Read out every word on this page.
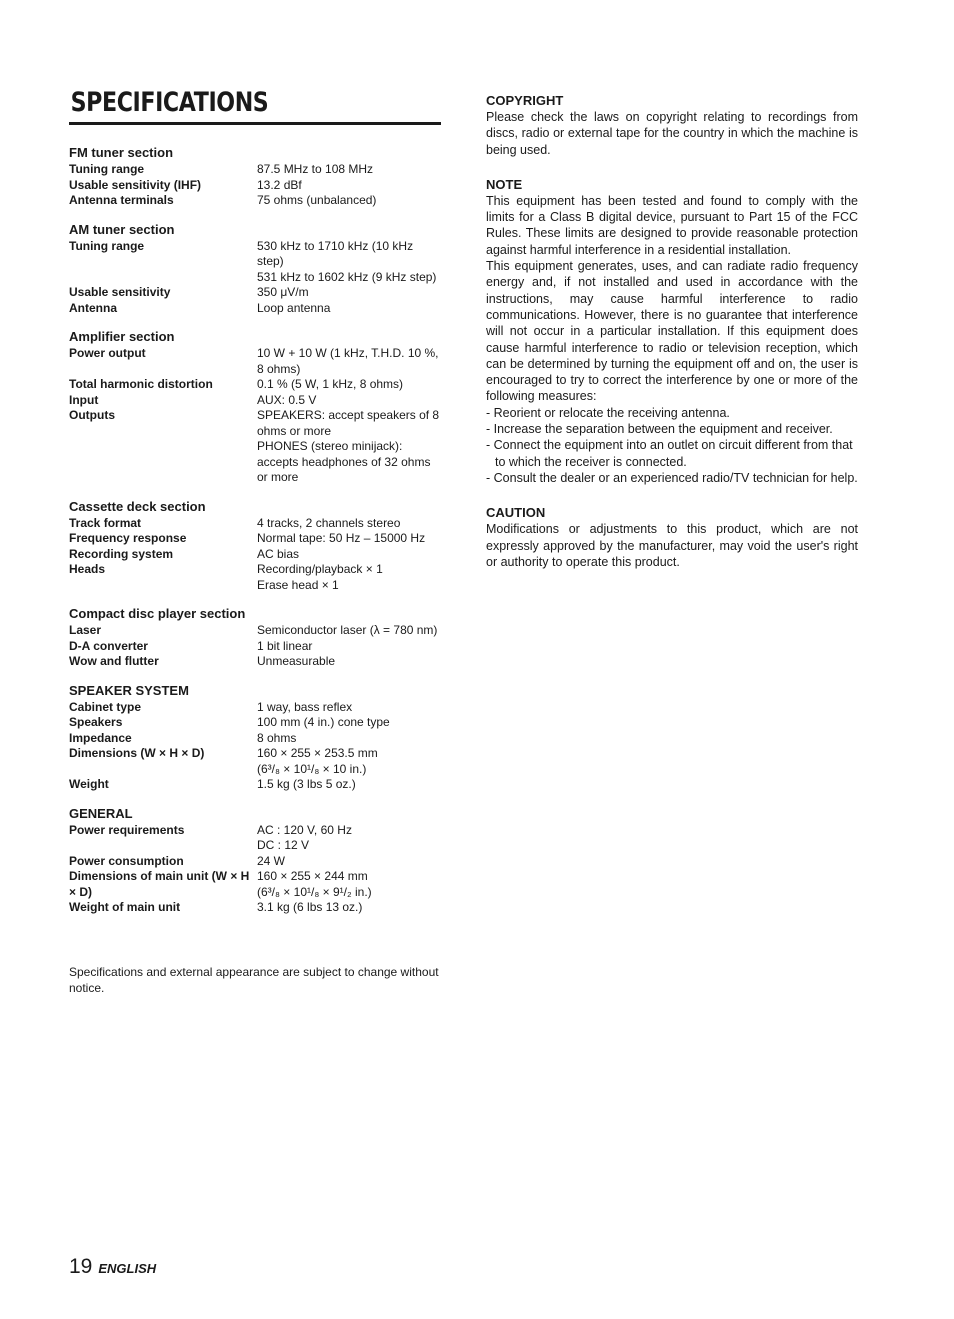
SPECIFICATIONS
FM tuner section
Tuning range	87.5 MHz to 108 MHz
Usable sensitivity (IHF)	13.2 dBf
Antenna terminals	75 ohms (unbalanced)
AM tuner section
Tuning range	530 kHz to 1710 kHz (10 kHz step)
531 kHz to 1602 kHz (9 kHz step)
Usable sensitivity	350 μV/m
Antenna	Loop antenna
Amplifier section
Power output	10 W + 10 W (1 kHz, T.H.D. 10 %, 8 ohms)
Total harmonic distortion	0.1 % (5 W, 1 kHz, 8 ohms)
Input	AUX: 0.5 V
Outputs	SPEAKERS: accept speakers of 8 ohms or more
PHONES (stereo minijack): accepts headphones of 32 ohms or more
Cassette deck section
Track format	4 tracks, 2 channels stereo
Frequency response	Normal tape: 50 Hz – 15000 Hz
Recording system	AC bias
Heads	Recording/playback × 1
Erase head × 1
Compact disc player section
Laser	Semiconductor laser (λ = 780 nm)
D-A converter	1 bit linear
Wow and flutter	Unmeasurable
SPEAKER SYSTEM
Cabinet type	1 way, bass reflex
Speakers	100 mm (4 in.) cone type
Impedance	8 ohms
Dimensions (W × H × D)	160 × 255 × 253.5 mm
(6³/₈ × 10¹/₈ × 10 in.)
Weight	1.5 kg (3 lbs 5 oz.)
GENERAL
Power requirements	AC : 120 V, 60 Hz
DC : 12 V
Power consumption	24 W
Dimensions of main unit (W × H × D)
160 × 255 × 244 mm
(6³/₈ × 10¹/₈ × 9¹/₂ in.)
Weight of main unit	3.1 kg (6 lbs 13 oz.)
Specifications and external appearance are subject to change without notice.
19 ENGLISH
COPYRIGHT

Please check the laws on copyright relating to recordings from discs, radio or external tape for the country in which the machine is being used.

NOTE

This equipment has been tested and found to comply with the limits for a Class B digital device, pursuant to Part 15 of the FCC Rules. These limits are designed to provide reasonable protection against harmful interference in a residential installation.

This equipment generates, uses, and can radiate radio frequency energy and, if not installed and used in accordance with the instructions, may cause harmful interference to radio communications. However, there is no guarantee that interference will not occur in a particular installation. If this equipment does cause harmful interference to radio or television reception, which can be determined by turning the equipment off and on, the user is encouraged to try to correct the interference by one or more of the following measures:

- Reorient or relocate the receiving antenna.
- Increase the separation between the equipment and receiver.
- Connect the equipment into an outlet on circuit different from that to which the receiver is connected.
- Consult the dealer or an experienced radio/TV technician for help.
CAUTION

Modifications or adjustments to this product, which are not expressly approved by the manufacturer, may void the user's right or authority to operate this product.
